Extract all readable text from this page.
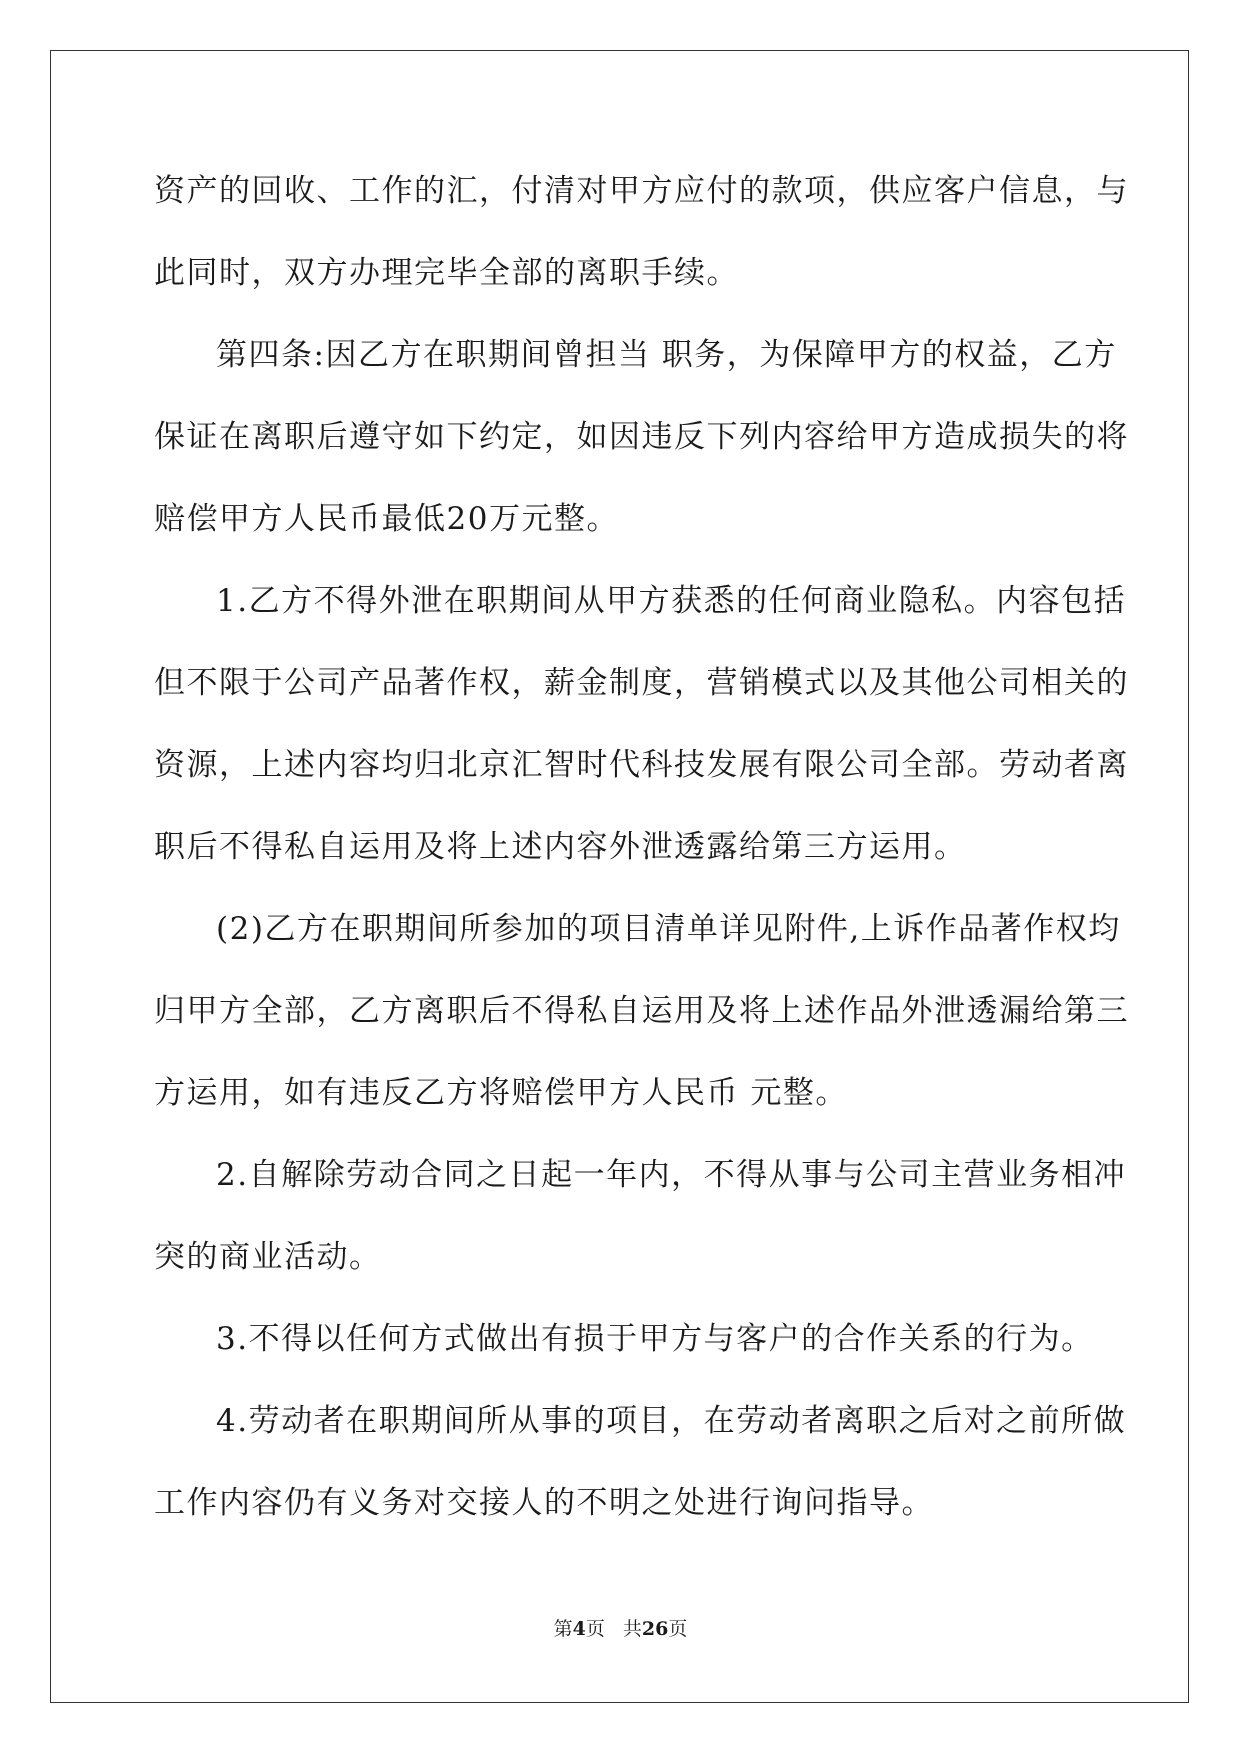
资产的回收、工作的汇，付清对甲方应付的款项，供应客户信息，与
此同时，双方办理完毕全部的离职手续。
第四条:因乙方在职期间曾担当 职务，为保障甲方的权益，乙方
保证在离职后遵守如下约定，如因违反下列内容给甲方造成损失的将
赔偿甲方人民币最低20万元整。
1.乙方不得外泄在职期间从甲方获悉的任何商业隐私。内容包括
但不限于公司产品著作权，薪金制度，营销模式以及其他公司相关的
资源，上述内容均归北京汇智时代科技发展有限公司全部。劳动者离
职后不得私自运用及将上述内容外泄透露给第三方运用。
(2)乙方在职期间所参加的项目清单详见附件,上诉作品著作权均
归甲方全部，乙方离职后不得私自运用及将上述作品外泄透漏给第三
方运用，如有违反乙方将赔偿甲方人民币 元整。
2.自解除劳动合同之日起一年内，不得从事与公司主营业务相冲
突的商业活动。
3.不得以任何方式做出有损于甲方与客户的合作关系的行为。
4.劳动者在职期间所从事的项目，在劳动者离职之后对之前所做
工作内容仍有义务对交接人的不明之处进行询问指导。
第4页 共26页
